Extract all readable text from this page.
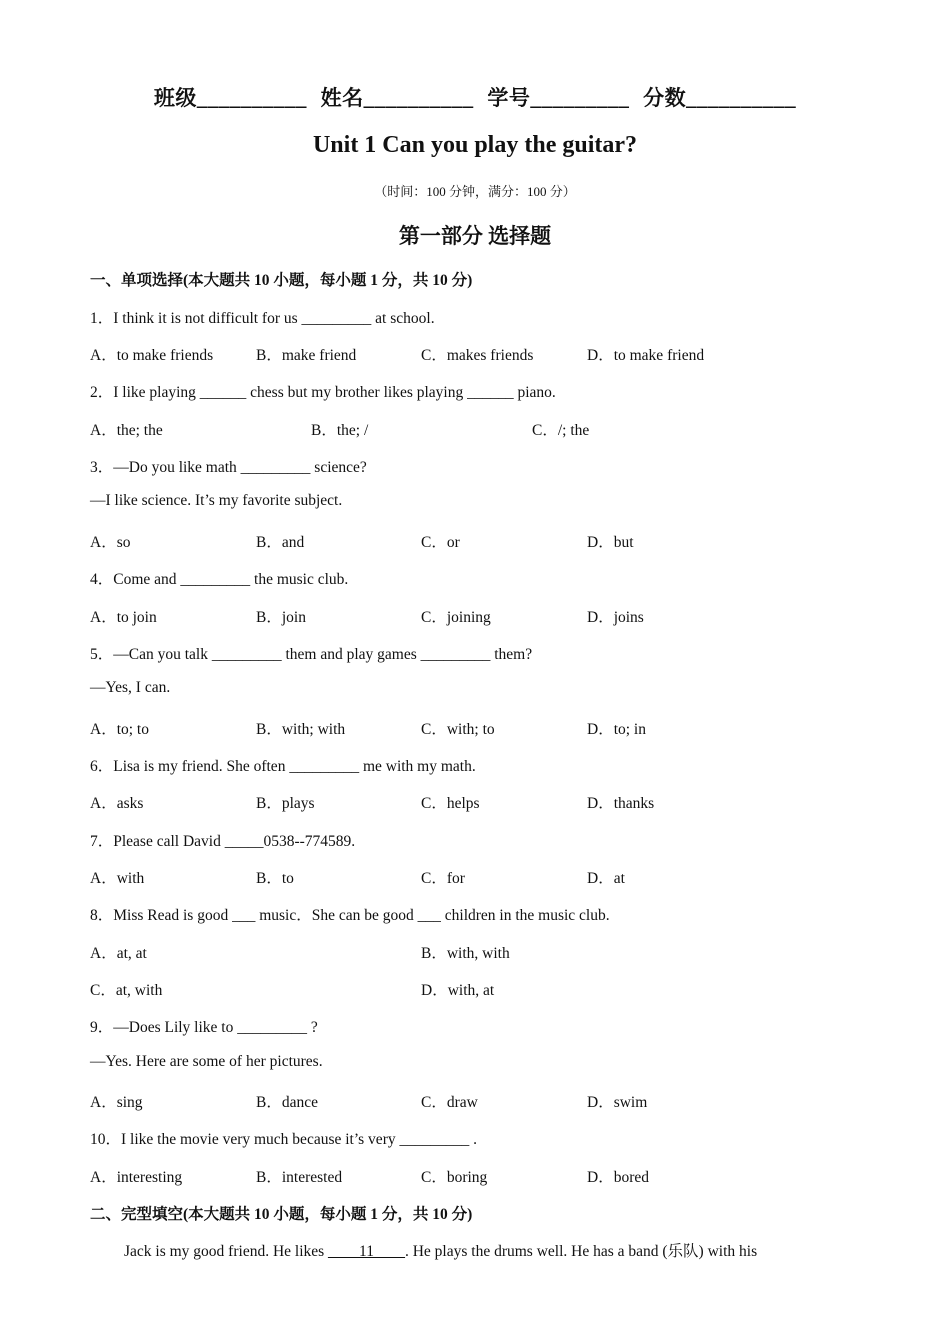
班级__________ 姓名__________ 学号_________ 分数__________
Unit 1 Can you play the guitar?
（时间：100 分钟，满分：100 分）
第一部分 选择题
一、单项选择(本大题共 10 小题，每小题 1 分，共 10 分)
1．I think it is not difficult for us _________ at school.
A．to make friends	B．make friend	C．makes friends	D．to make friend
2．I like playing ______ chess but my brother likes playing ______ piano.
A．the; the	B．the; /	C．/; the
3．—Do you like math _________ science?
—I like science. It’s my favorite subject.
A．so	B．and	C．or	D．but
4．Come and _________ the music club.
A．to join	B．join	C．joining	D．joins
5．—Can you talk _________ them and play games _________ them?
—Yes, I can.
A．to; to	B．with; with	C．with; to	D．to; in
6．Lisa is my friend. She often _________ me with my math.
A．asks	B．plays	C．helps	D．thanks
7．Please call David _____0538--774589.
A．with	B．to	C．for	D．at
8．Miss Read is good ___ music．She can be good ___ children in the music club.
A．at, at	B．with, with
C．at, with	D．with, at
9．—Does Lily like to _________ ?
—Yes. Here are some of her pictures.
A．sing	B．dance	C．draw	D．swim
10．I like the movie very much because it’s very _________ .
A．interesting	B．interested	C．boring	D．bored
二、完型填空(本大题共 10 小题，每小题 1 分，共 10 分)
Jack is my good friend. He likes ____11____. He plays the drums well. He has a band (乐队) with his
